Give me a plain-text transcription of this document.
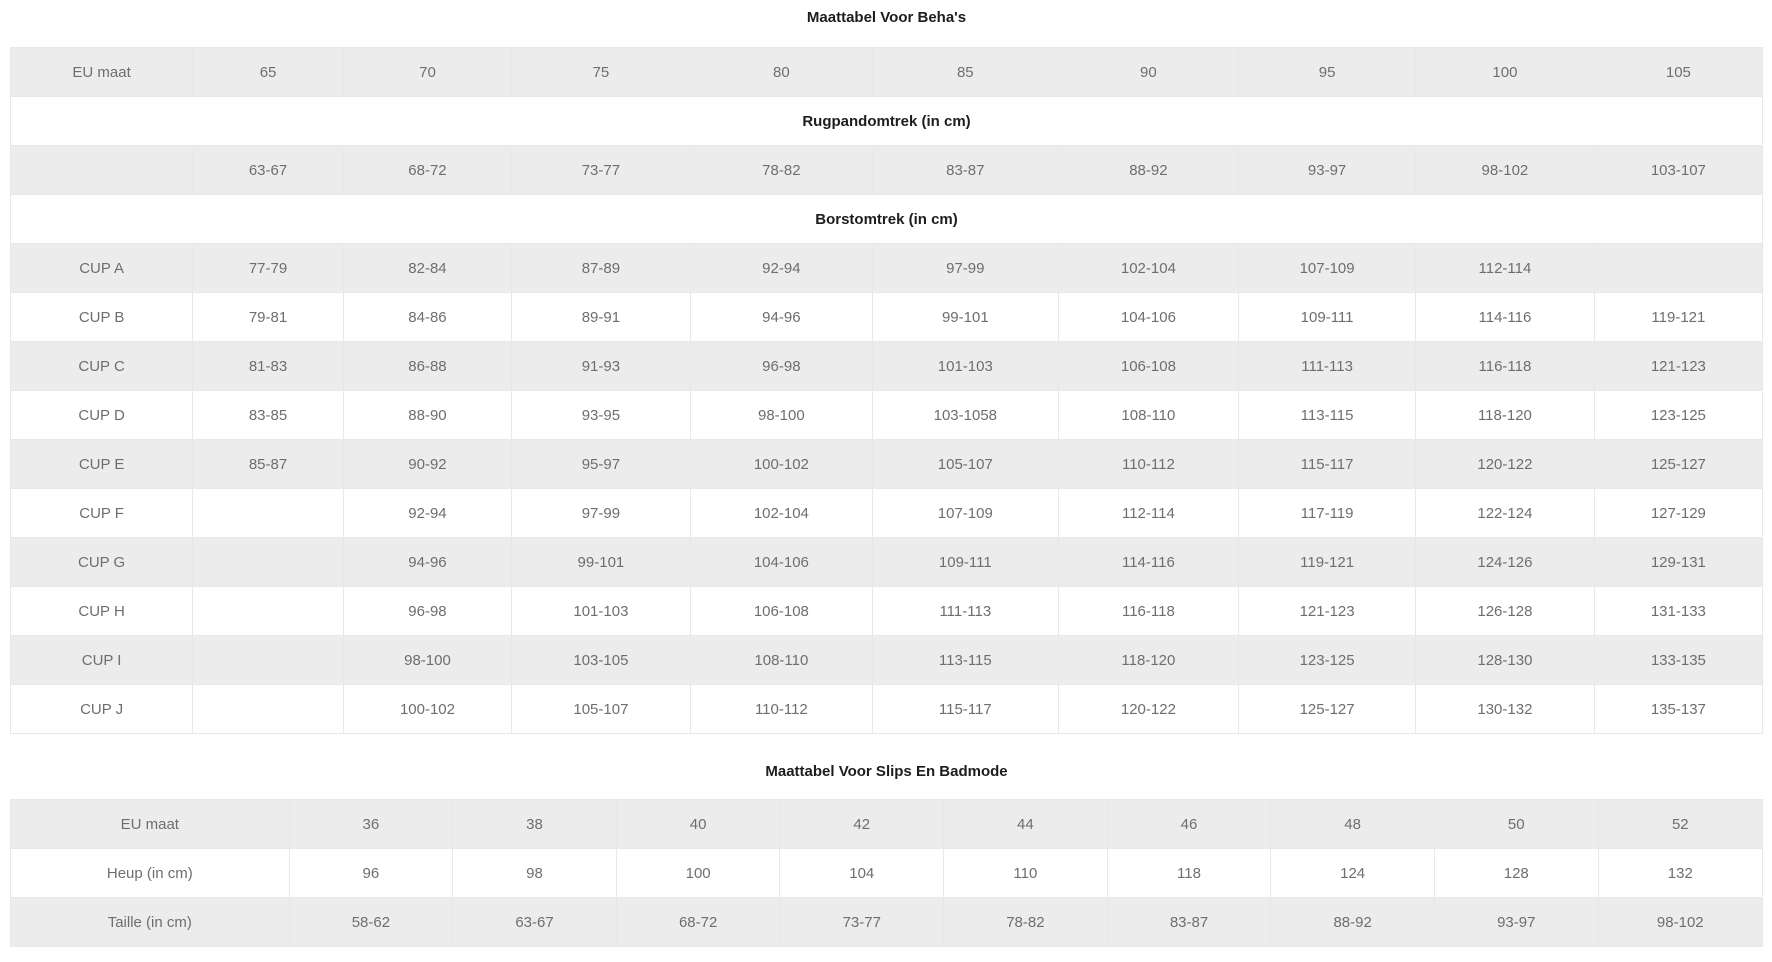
Maattabel Voor Beha's
EU maat	65	70	75	80	85	90	95	100	105
Rugpandomtrek (in cm)									
	63-67	68-72	73-77	78-82	83-87	88-92	93-97	98-102	103-107
Borstomtrek (in cm)									
CUP A	77-79	82-84	87-89	92-94	97-99	102-104	107-109	112-114	
CUP B	79-81	84-86	89-91	94-96	99-101	104-106	109-111	114-116	119-121
CUP C	81-83	86-88	91-93	96-98	101-103	106-108	111-113	116-118	121-123
CUP D	83-85	88-90	93-95	98-100	103-1058	108-110	113-115	118-120	123-125
CUP E	85-87	90-92	95-97	100-102	105-107	110-112	115-117	120-122	125-127
CUP F		92-94	97-99	102-104	107-109	112-114	117-119	122-124	127-129
CUP G		94-96	99-101	104-106	109-111	114-116	119-121	124-126	129-131
CUP H		96-98	101-103	106-108	111-113	116-118	121-123	126-128	131-133
CUP I		98-100	103-105	108-110	113-115	118-120	123-125	128-130	133-135
CUP J		100-102	105-107	110-112	115-117	120-122	125-127	130-132	135-137
Maattabel Voor Slips En Badmode
EU maat	36	38	40	42	44	46	48	50	52
Heup (in cm)	96	98	100	104	110	118	124	128	132
Taille (in cm)	58-62	63-67	68-72	73-77	78-82	83-87	88-92	93-97	98-102
